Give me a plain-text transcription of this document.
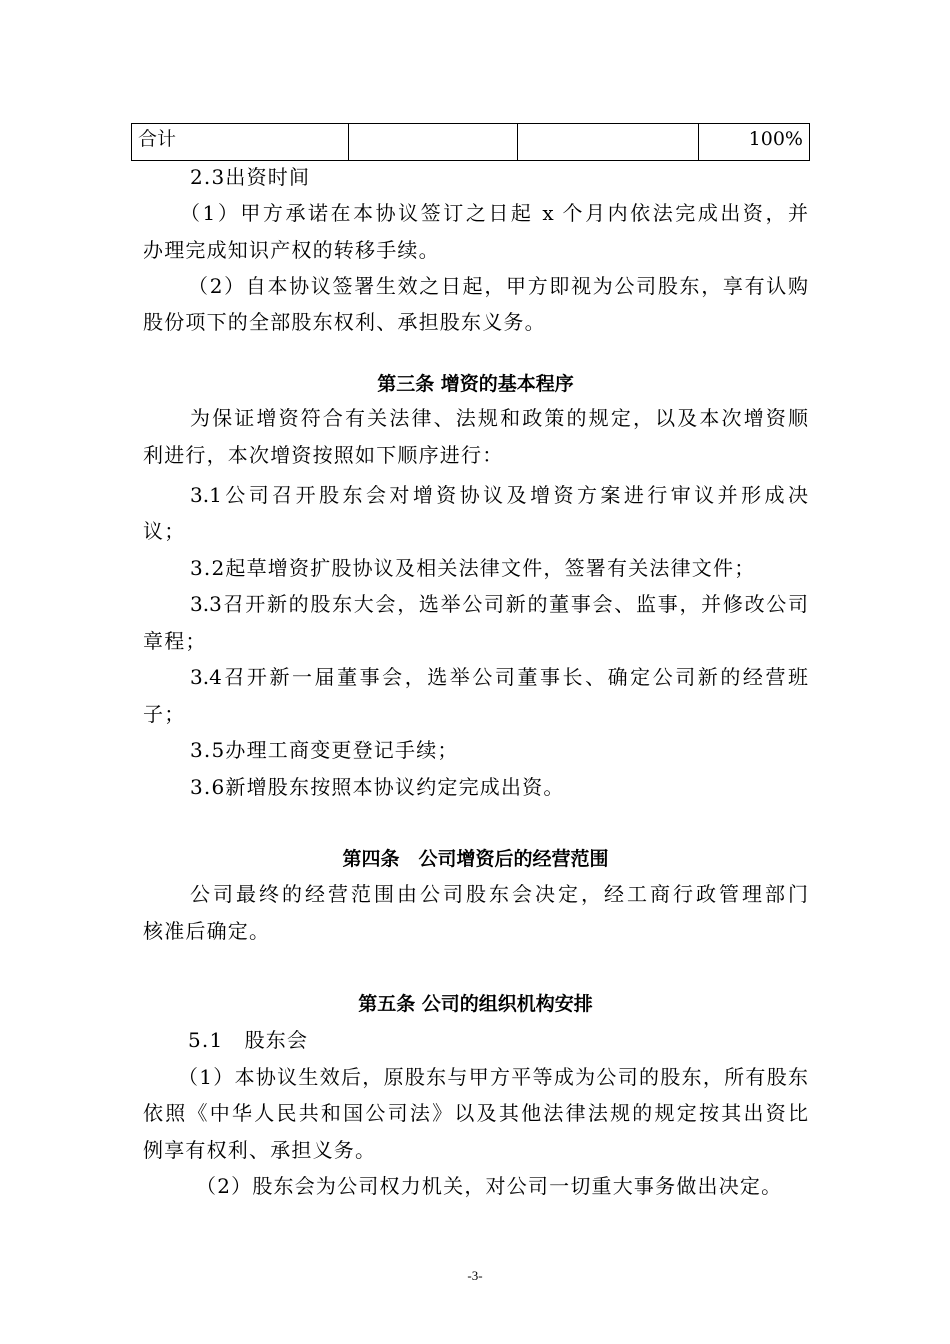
合计			100%
2.3出资时间
（1）甲方承诺在本协议签订之日起 x 个月内依法完成出资，并
办理完成知识产权的转移手续。
（2）自本协议签署生效之日起，甲方即视为公司股东，享有认购
股份项下的全部股东权利、承担股东义务。
第三条 增资的基本程序
为保证增资符合有关法律、法规和政策的规定，以及本次增资顺
利进行，本次增资按照如下顺序进行：
3.1公司召开股东会对增资协议及增资方案进行审议并形成决
议；
3.2起草增资扩股协议及相关法律文件，签署有关法律文件；
3.3召开新的股东大会，选举公司新的董事会、监事，并修改公司
章程；
3.4召开新一届董事会，选举公司董事长、确定公司新的经营班
子；
3.5办理工商变更登记手续；
3.6新增股东按照本协议约定完成出资。
第四条　公司增资后的经营范围
公司最终的经营范围由公司股东会决定，经工商行政管理部门
核准后确定。
第五条 公司的组织机构安排
5.1　股东会
（1）本协议生效后，原股东与甲方平等成为公司的股东，所有股东
依照《中华人民共和国公司法》以及其他法律法规的规定按其出资比
例享有权利、承担义务。
（2）股东会为公司权力机关，对公司一切重大事务做出决定。
-3-
